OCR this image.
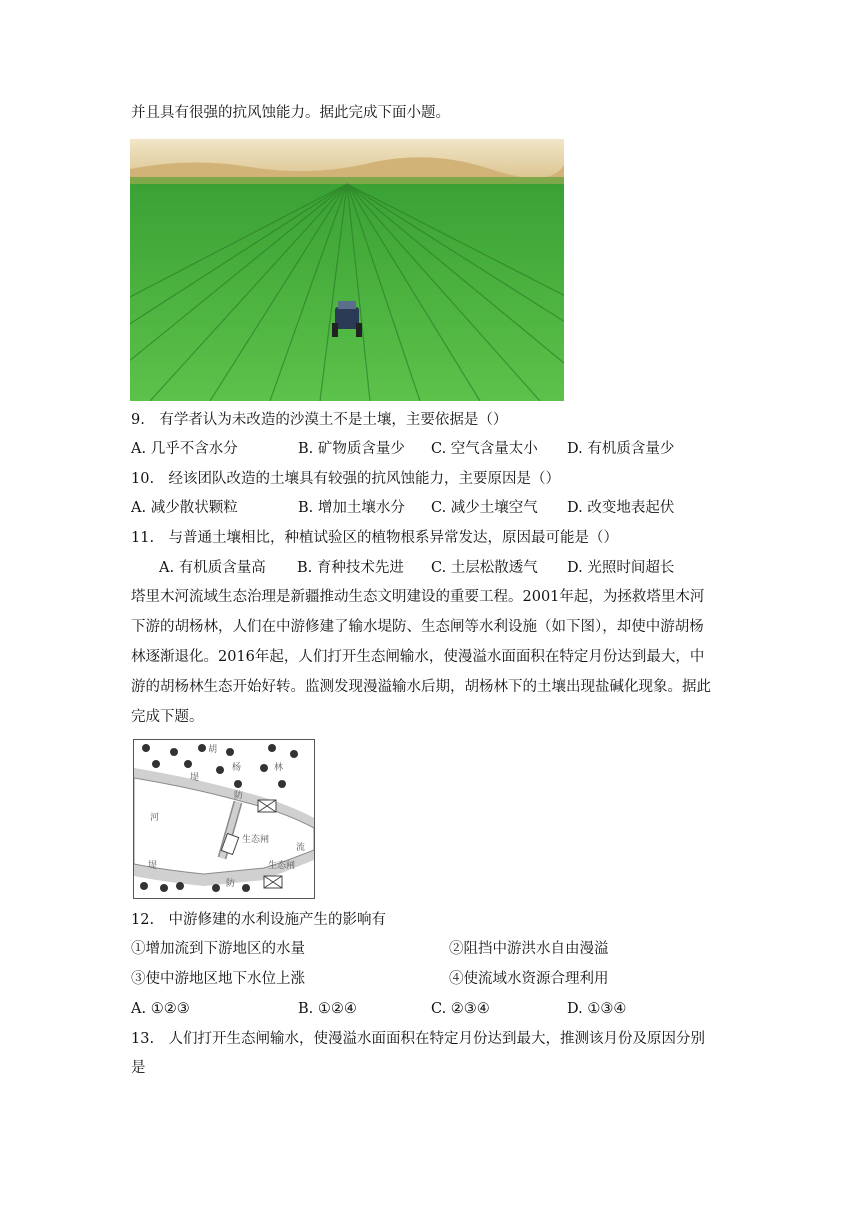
并且具有很强的抗风蚀能力。据此完成下面小题。
9.　有学者认为未改造的沙漠土不是土壤，主要依据是（）
A. 几乎不含水分	B. 矿物质含量少 C. 空气含量太小 D. 有机质含量少
10.　经该团队改造的土壤具有较强的抗风蚀能力，主要原因是（）
A. 减少散状颗粒	B. 增加土壤水分 C. 减少土壤空气 D. 改变地表起伏
11.　与普通土壤相比，种植试验区的植物根系异常发达，原因最可能是（）
A. 有机质含量高 B. 育种技术先进 C. 土层松散透气 D. 光照时间超长
塔里木河流域生态治理是新疆推动生态文明建设的重要工程。2001年起，为拯救塔里木河
下游的胡杨林，人们在中游修建了输水堤防、生态闸等水利设施（如下图），却使中游胡杨
林逐渐退化。2016年起，人们打开生态闸输水，使漫溢水面面积在特定月份达到最大，中
游的胡杨林生态开始好转。监测发现漫溢输水后期，胡杨林下的土壤出现盐碱化现象。据此
完成下题。
胡
杨	林
堤
防
堤
防
河
流
生态闸
生态闸
12.　中游修建的水利设施产生的影响有
①增加流到下游地区的水量	②阻挡中游洪水自由漫溢
③使中游地区地下水位上涨	④使流域水资源合理利用
A. ①②③	B. ①②④	C. ②③④	D. ①③④
13.　人们打开生态闸输水，使漫溢水面面积在特定月份达到最大，推测该月份及原因分别
是
